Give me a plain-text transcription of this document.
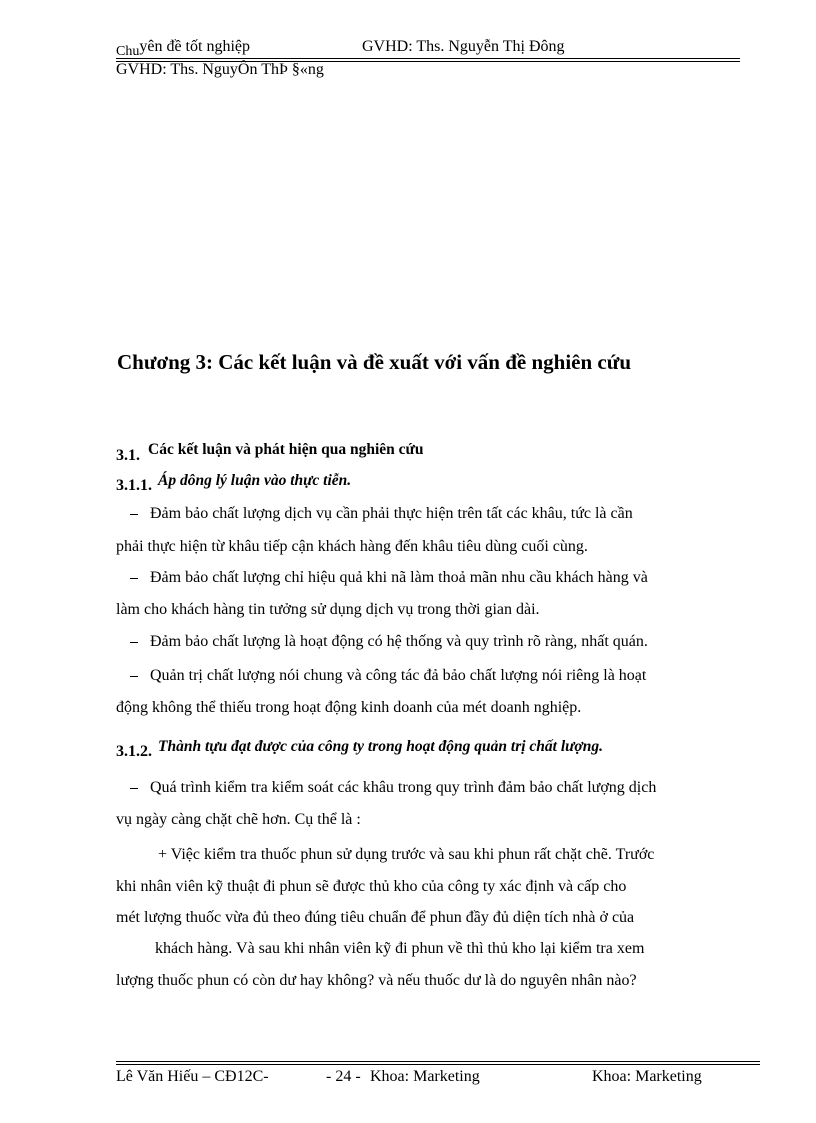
Chuyên đề tốt nghiệp	GVHD: Ths. Nguyễn Thị Đông
GVHD: Ths. NguyÔn ThÞ §«ng
Chương 3: Các kết luận và đề xuất với vấn đề nghiên cứu
3.1. Các kết luận và phát hiện qua nghiên cứu
3.1.1. Áp dông lý luận vào thực tiễn.
Đảm bảo chất lượng dịch vụ cần phải thực hiện trên tất các khâu, tức là cần
phải thực hiện từ khâu tiếp cận khách hàng đến khâu tiêu dùng cuối cùng.
Đảm bảo chất lượng chỉ hiệu quả khi nã làm thoả mãn nhu cầu khách hàng và
làm cho khách hàng tin tưởng sử dụng dịch vụ trong thời gian dài.
Đảm bảo chất lượng là hoạt động có hệ thống và quy trình rõ ràng, nhất quán.
Quản trị chất lượng nói chung và công tác đả bảo chất lượng nói riêng là hoạt
động không thể thiếu trong hoạt động kinh doanh của mét doanh nghiệp.
3.1.2. Thành tựu đạt được của công ty trong hoạt động quản trị chất lượng.
Quá trình kiểm tra kiểm soát các khâu trong quy trình đảm bảo chất lượng dịch
vụ ngày càng chặt chẽ hơn. Cụ thể là :
+ Việc kiểm tra thuốc phun sử dụng trước và sau khi phun rất chặt chẽ. Trước
khi nhân viên kỹ thuật đi phun sẽ được thủ kho của công ty xác định và cấp cho
mét lượng thuốc vừa đủ theo đúng tiêu chuẩn để phun đầy đủ diện tích nhà ở của
khách hàng. Và sau khi nhân viên kỹ đi phun về thì thủ kho lại kiểm tra xem
lượng thuốc phun có còn dư hay không? và nếu thuốc dư là do nguyên nhân nào?
Lê Văn Hiếu – CĐ12C-	- 24 - Khoa: Marketing	Khoa: Marketing
